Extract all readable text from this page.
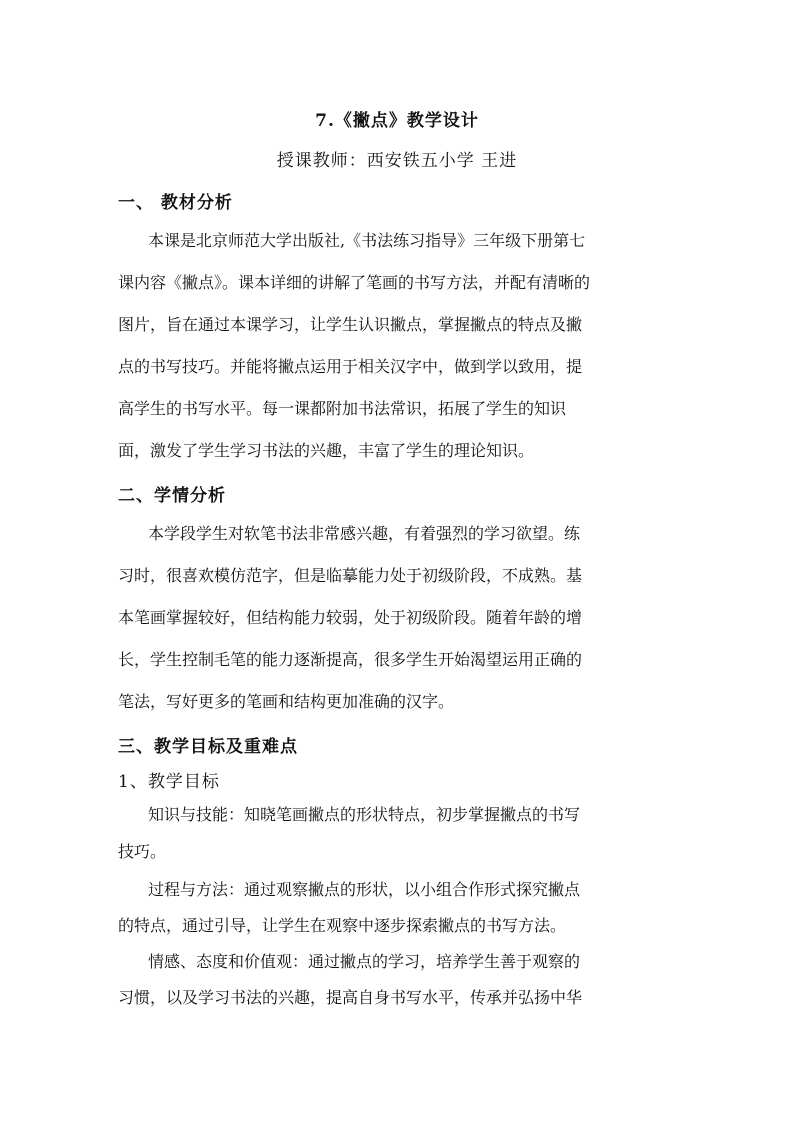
7.《撇点》教学设计
授课教师：西安铁五小学 王进
一、 教材分析
本课是北京师范大学出版社,《书法练习指导》三年级下册第七
课内容《撇点》。课本详细的讲解了笔画的书写方法，并配有清晰的
图片，旨在通过本课学习，让学生认识撇点，掌握撇点的特点及撇
点的书写技巧。并能将撇点运用于相关汉字中，做到学以致用，提
高学生的书写水平。每一课都附加书法常识，拓展了学生的知识
面，激发了学生学习书法的兴趣，丰富了学生的理论知识。
二、学情分析
本学段学生对软笔书法非常感兴趣，有着强烈的学习欲望。练
习时，很喜欢模仿范字，但是临摹能力处于初级阶段，不成熟。基
本笔画掌握较好，但结构能力较弱，处于初级阶段。随着年龄的增
长，学生控制毛笔的能力逐渐提高，很多学生开始渴望运用正确的
笔法，写好更多的笔画和结构更加准确的汉字。
三、教学目标及重难点
1、教学目标
知识与技能：知晓笔画撇点的形状特点，初步掌握撇点的书写
技巧。
过程与方法：通过观察撇点的形状，以小组合作形式探究撇点
的特点，通过引导，让学生在观察中逐步探索撇点的书写方法。
情感、态度和价值观：通过撇点的学习，培养学生善于观察的
习惯，以及学习书法的兴趣，提高自身书写水平，传承并弘扬中华
